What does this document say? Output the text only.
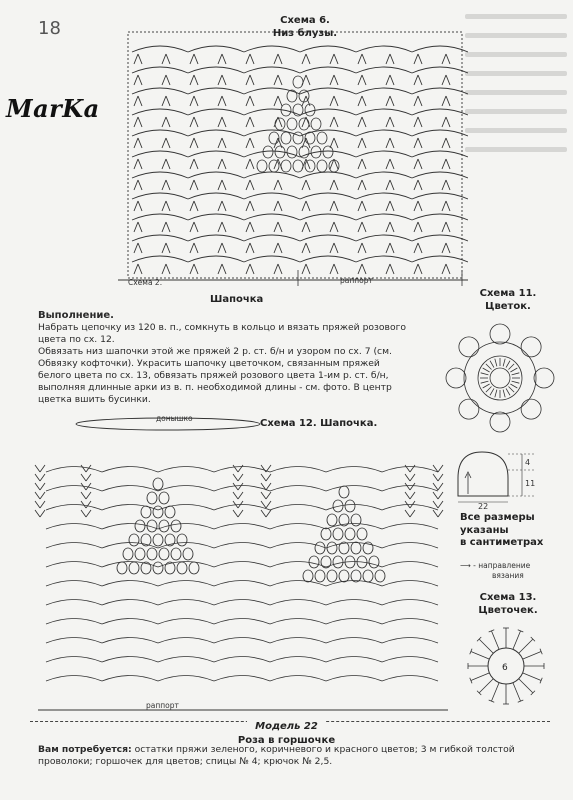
18
MarKa
Схема 6.
Низ блузы.
Схема 2.	раппорт
Шапочка
Выполнение.
Набрать цепочку из 120 в. п., сомкнуть в кольцо и вязать пряжей розового
цвета по сх. 12.
Обвязать низ шапочки этой же пряжей 2 р. ст. б/н и узором по сх. 7 (см.
Обвязку кофточки). Украсить шапочку цветочком, связанным пряжей
белого цвета по сх. 13, обвязать пряжей розового цвета 1-им р. ст. б/н,
выполняя длинные арки из в. п. необходимой длины - см. фото. В центр
цветка вшить бусинки.
Схема 11.
Цветок.
Схема 12. Шапочка.
донышко
раппорт
4
11
22
Все размеры
указаны
в сантиметрах
⟶ - направление
вязания
Схема 13.
Цветочек.
6
Модель 22
Роза в горшочке
Вам потребуется: остатки пряжи зеленого, коричневого и красного цветов; 3 м гибкой толстой
проволоки; горшочек для цветов; спицы № 4; крючок № 2,5.
